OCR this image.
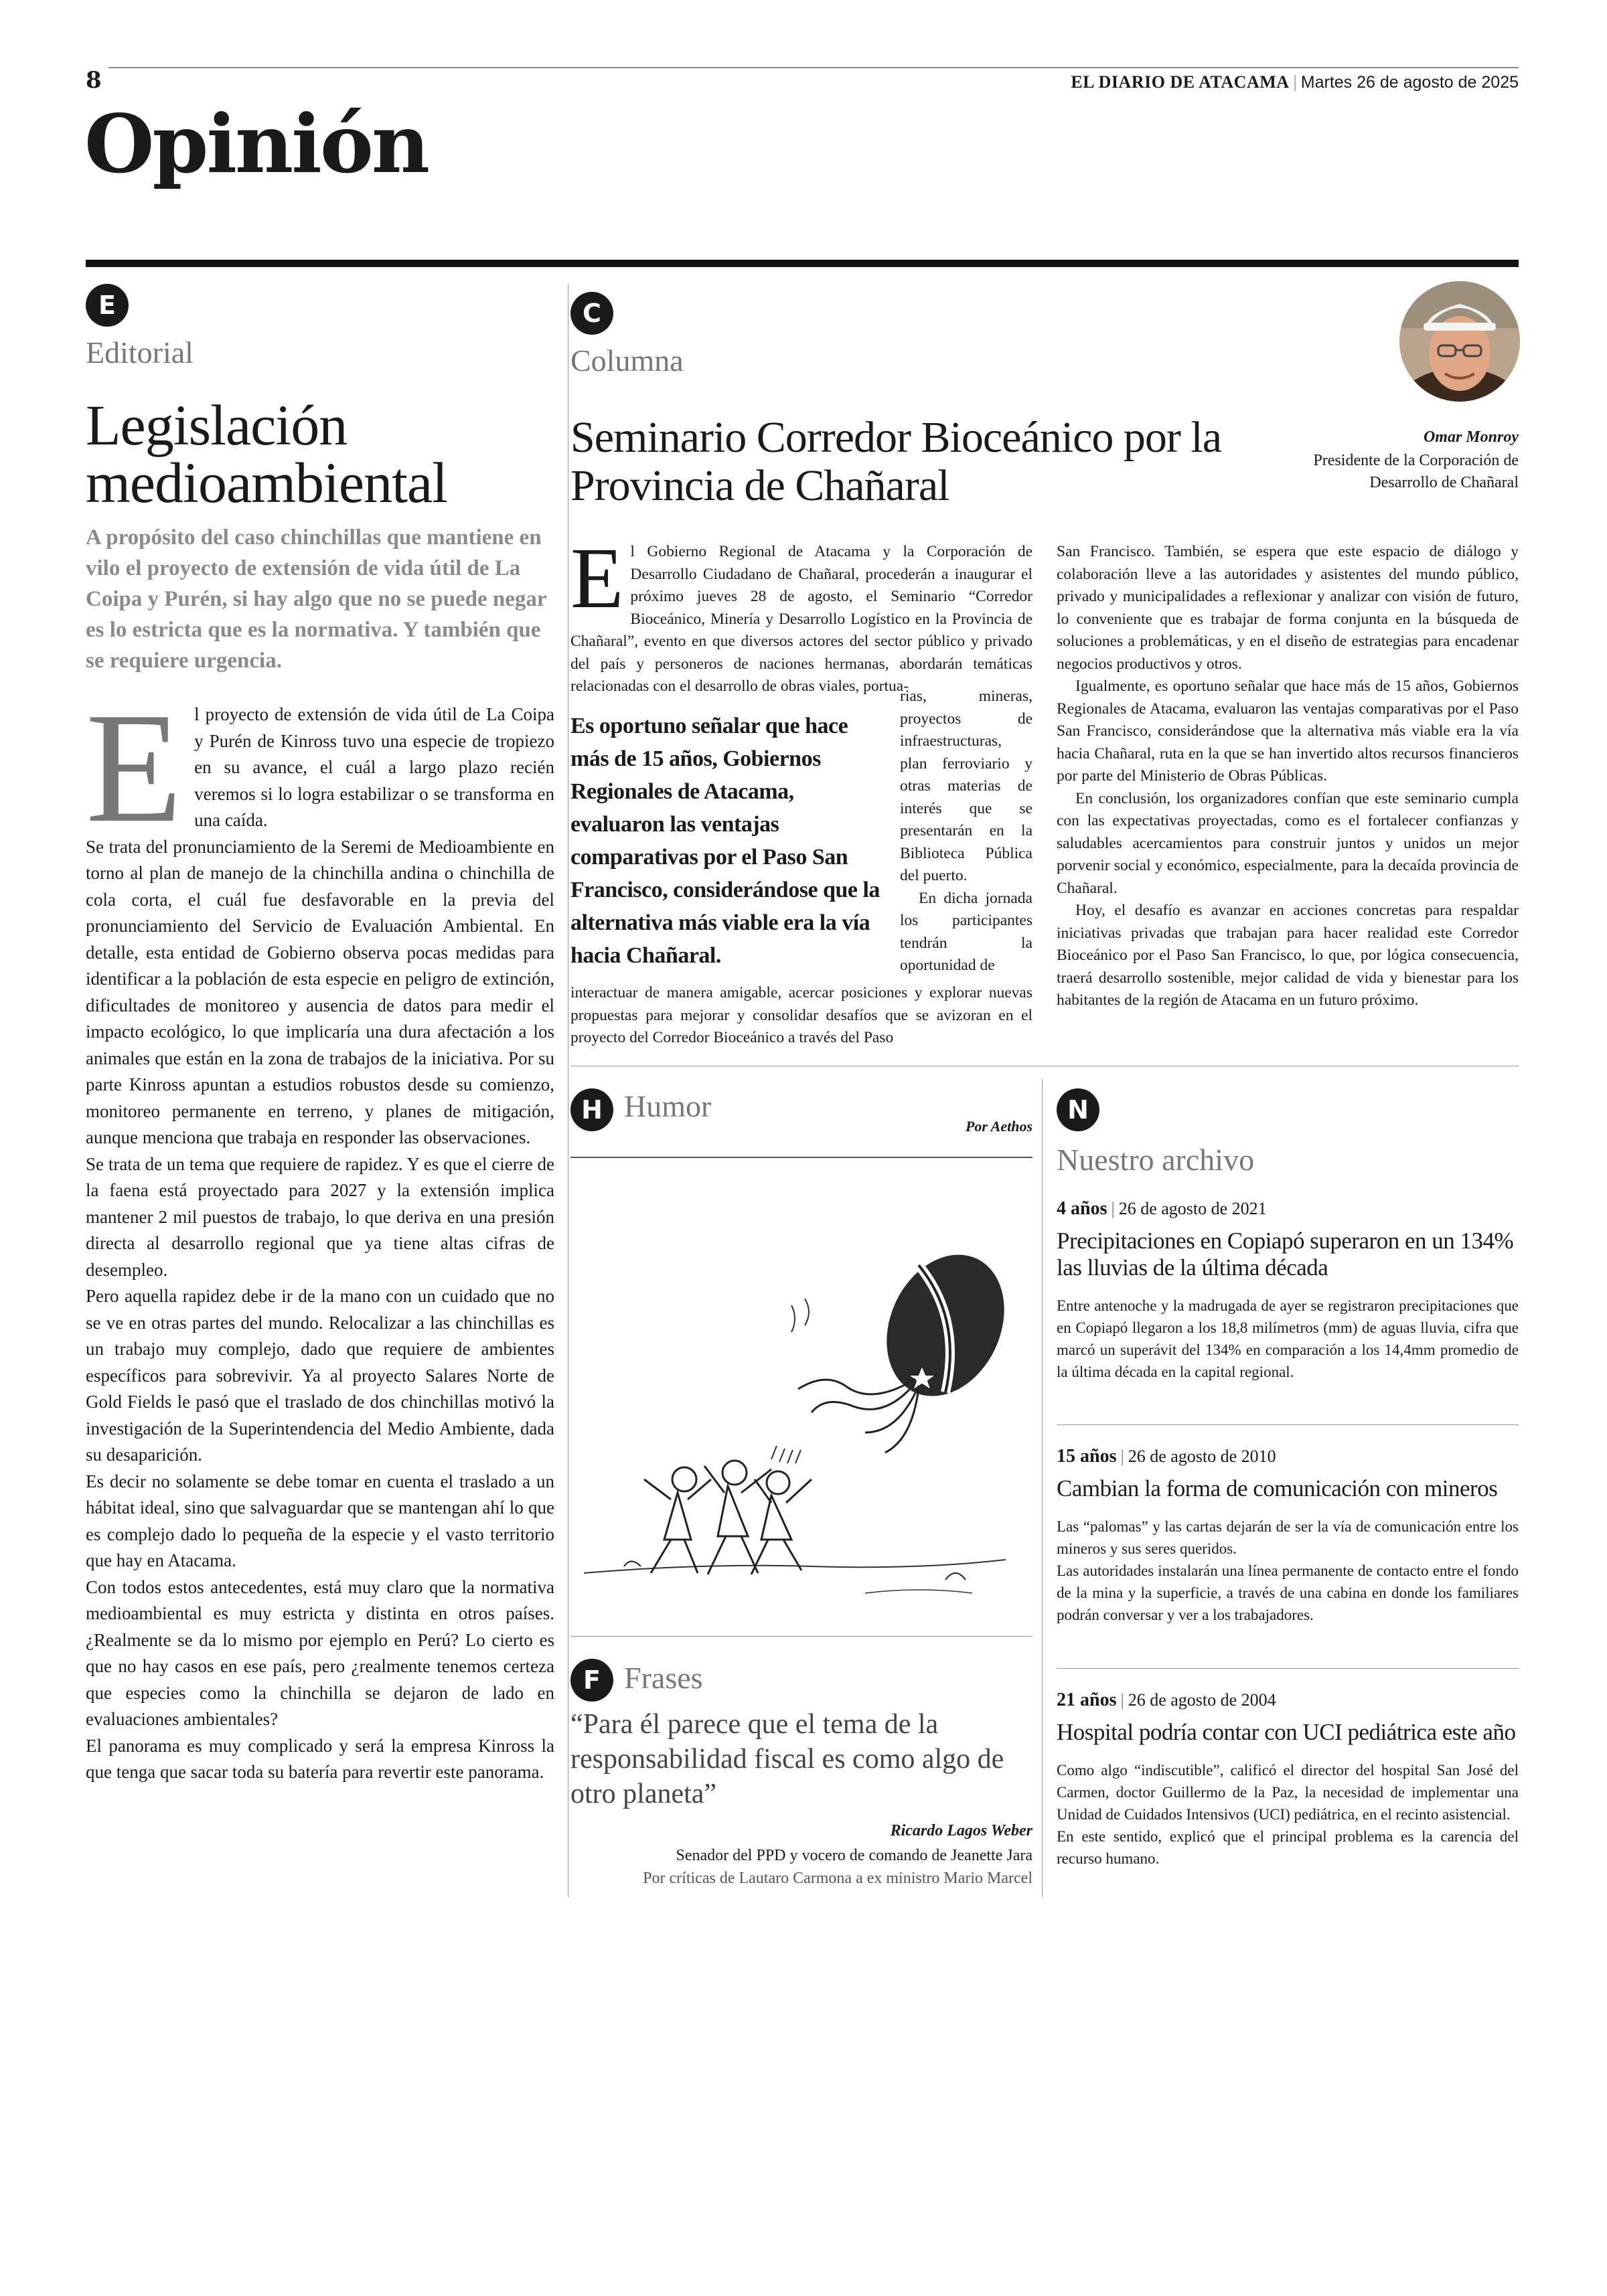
8	EL DIARIO DE ATACAMA | Martes 26 de agosto de 2025
Opinión
E
Editorial
Legislación medioambiental
A propósito del caso chinchillas que mantiene en vilo el proyecto de extensión de vida útil de La Coipa y Purén, si hay algo que no se puede negar es lo estricta que es la normativa. Y también que se requiere urgencia.

El proyecto de extensión de vida útil de La Coipa y Purén de Kinross tuvo una especie de tropiezo en su avance, el cuál a largo plazo recién veremos si lo logra estabilizar o se transforma en una caída.

Se trata del pronunciamiento de la Seremi de Medioambiente en torno al plan de manejo de la chinchilla andina o chinchilla de cola corta, el cuál fue desfavorable en la previa del pronunciamiento del Servicio de Evaluación Ambiental. En detalle, esta entidad de Gobierno observa pocas medidas para identificar a la población de esta especie en peligro de extinción, dificultades de monitoreo y ausencia de datos para medir el impacto ecológico, lo que implicaría una dura afectación a los animales que están en la zona de trabajos de la iniciativa. Por su parte Kinross apuntan a estudios robustos desde su comienzo, monitoreo permanente en terreno, y planes de mitigación, aunque menciona que trabaja en responder las observaciones.

Se trata de un tema que requiere de rapidez. Y es que el cierre de la faena está proyectado para 2027 y la extensión implica mantener 2 mil puestos de trabajo, lo que deriva en una presión directa al desarrollo regional que ya tiene altas cifras de desempleo.

Pero aquella rapidez debe ir de la mano con un cuidado que no se ve en otras partes del mundo. Relocalizar a las chinchillas es un trabajo muy complejo, dado que requiere de ambientes específicos para sobrevivir. Ya al proyecto Salares Norte de Gold Fields le pasó que el traslado de dos chinchillas motivó la investigación de la Superintendencia del Medio Ambiente, dada su desaparición.

Es decir no solamente se debe tomar en cuenta el traslado a un hábitat ideal, sino que salvaguardar que se mantengan ahí lo que es complejo dado lo pequeña de la especie y el vasto territorio que hay en Atacama.

Con todos estos antecedentes, está muy claro que la normativa medioambiental es muy estricta y distinta en otros países. ¿Realmente se da lo mismo por ejemplo en Perú? Lo cierto es que no hay casos en ese país, pero ¿realmente tenemos certeza que especies como la chinchilla se dejaron de lado en evaluaciones ambientales?

El panorama es muy complicado y será la empresa Kinross la que tenga que sacar toda su batería para revertir este panorama.

C
Columna
Seminario Corredor Bioceánico por la Provincia de Chañaral
Omar Monroy
Presidente de la Corporación de Desarrollo de Chañaral

El Gobierno Regional de Atacama y la Corporación de Desarrollo Ciudadano de Chañaral, procederán a inaugurar el próximo jueves 28 de agosto, el Seminario “Corredor Bioceánico, Minería y Desarrollo Logístico en la Provincia de Chañaral”, evento en que diversos actores del sector público y privado del país y personeros de naciones hermanas, abordarán temáticas relacionadas con el desarrollo de obras viales, portua-

Es oportuno señalar que hace más de 15 años, Gobiernos Regionales de Atacama, evaluaron las ventajas comparativas por el Paso San Francisco, considerándose que la alternativa más viable era la vía hacia Chañaral.

rias, mineras, proyectos de infraestructuras, plan ferroviario y otras materias de interés que se presentarán en la Biblioteca Pública del puerto.

En dicha jornada los participantes tendrán la oportunidad de

interactuar de manera amigable, acercar posiciones y explorar nuevas propuestas para mejorar y consolidar desafíos que se avizoran en el proyecto del Corredor Bioceánico a través del Paso

San Francisco. También, se espera que este espacio de diálogo y colaboración lleve a las autoridades y asistentes del mundo público, privado y municipalidades a reflexionar y analizar con visión de futuro, lo conveniente que es trabajar de forma conjunta en la búsqueda de soluciones a problemáticas, y en el diseño de estrategias para encadenar negocios productivos y otros.

Igualmente, es oportuno señalar que hace más de 15 años, Gobiernos Regionales de Atacama, evaluaron las ventajas comparativas por el Paso San Francisco, considerándose que la alternativa más viable era la vía hacia Chañaral, ruta en la que se han invertido altos recursos financieros por parte del Ministerio de Obras Públicas.

En conclusión, los organizadores confían que este seminario cumpla con las expectativas proyectadas, como es el fortalecer confianzas y saludables acercamientos para construir juntos y unidos un mejor porvenir social y económico, especialmente, para la decaída provincia de Chañaral.

Hoy, el desafío es avanzar en acciones concretas para respaldar iniciativas privadas que trabajan para hacer realidad este Corredor Bioceánico por el Paso San Francisco, lo que, por lógica consecuencia, traerá desarrollo sostenible, mejor calidad de vida y bienestar para los habitantes de la región de Atacama en un futuro próximo.

H Humor
Por Aethos
F Frases
“Para él parece que el tema de la responsabilidad fiscal es como algo de otro planeta”
Ricardo Lagos Weber
Senador del PPD y vocero de comando de Jeanette Jara
Por críticas de Lautaro Carmona a ex ministro Mario Marcel
N
Nuestro archivo
4 años | 26 de agosto de 2021
Precipitaciones en Copiapó superaron en un 134% las lluvias de la última década

Entre antenoche y la madrugada de ayer se registraron precipitaciones que en Copiapó llegaron a los 18,8 milímetros (mm) de aguas lluvia, cifra que marcó un superávit del 134% en comparación a los 14,4mm promedio de la última década en la capital regional.

15 años | 26 de agosto de 2010
Cambian la forma de comunicación con mineros

Las “palomas” y las cartas dejarán de ser la vía de comunicación entre los mineros y sus seres queridos.

Las autoridades instalarán una línea permanente de contacto entre el fondo de la mina y la superficie, a través de una cabina en donde los familiares podrán conversar y ver a los trabajadores.

21 años | 26 de agosto de 2004
Hospital podría contar con UCI pediátrica este año

Como algo “indiscutible”, calificó el director del hospital San José del Carmen, doctor Guillermo de la Paz, la necesidad de implementar una Unidad de Cuidados Intensivos (UCI) pediátrica, en el recinto asistencial.

En este sentido, explicó que el principal problema es la carencia del recurso humano.
